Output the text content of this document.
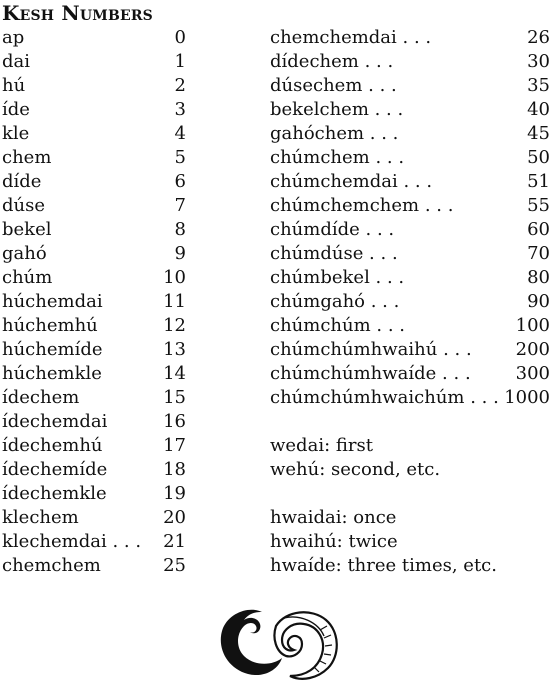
Kesh Numbers
ap	0
dai	1
hú	2
íde	3
kle	4
chem	5
díde	6
dúse	7
bekel	8
gahó	9
chúm	10
húchemdai	11
húchemhú	12
húchemíde	13
húchemkle	14
ídechem	15
ídechemdai	16
ídechemhú	17
ídechemíde	18
ídechemkle	19
klechem	20
klechemdai . . . 21
chemchem	25
chemchemdai . . .	26
dídechem . . .	30
dúsechem . . .	35
bekelchem . . .	40
gahóchem . . .	45
chúmchem . . .	50
chúmchemdai . . .	51
chúmchemchem . . .	55
chúmdíde . . .	60
chúmdúse . . .	70
chúmbekel . . .	80
chúmgahó . . .	90
chúmchúm . . .	100
chúmchúmhwaihú . . . 200
chúmchúmhwaíde . . . 300
chúmchúmhwaichúm . . . 1000
wedai: first
wehú: second, etc.
hwaidai: once
hwaihú: twice
hwaíde: three times, etc.
